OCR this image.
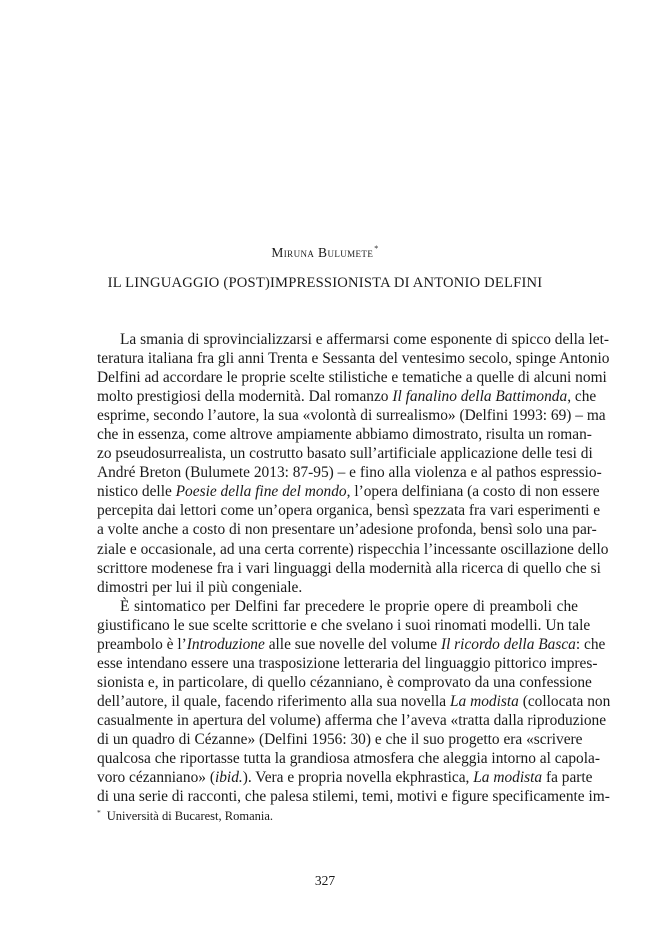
Miruna Bulumete*
IL LINGUAGGIO (POST)IMPRESSIONISTA DI ANTONIO DELFINI
La smania di sprovincializzarsi e affermarsi come esponente di spicco della let-
teratura italiana fra gli anni Trenta e Sessanta del ventesimo secolo, spinge Antonio
Delfini ad accordare le proprie scelte stilistiche e tematiche a quelle di alcuni nomi
molto prestigiosi della modernità. Dal romanzo Il fanalino della Battimonda, che
esprime, secondo l’autore, la sua «volontà di surrealismo» (Delfini 1993: 69) – ma
che in essenza, come altrove ampiamente abbiamo dimostrato, risulta un roman-
zo pseudosurrealista, un costrutto basato sull’artificiale applicazione delle tesi di
André Breton (Bulumete 2013: 87-95) – e fino alla violenza e al pathos espressio-
nistico delle Poesie della fine del mondo, l’opera delfiniana (a costo di non essere
percepita dai lettori come un’opera organica, bensì spezzata fra vari esperimenti e
a volte anche a costo di non presentare un’adesione profonda, bensì solo una par-
ziale e occasionale, ad una certa corrente) rispecchia l’incessante oscillazione dello
scrittore modenese fra i vari linguaggi della modernità alla ricerca di quello che si
dimostri per lui il più congeniale.
È sintomatico per Delfini far precedere le proprie opere di preamboli che
giustificano le sue scelte scrittorie e che svelano i suoi rinomati modelli. Un tale
preambolo è l’Introduzione alle sue novelle del volume Il ricordo della Basca: che
esse intendano essere una trasposizione letteraria del linguaggio pittorico impres-
sionista e, in particolare, di quello cézanniano, è comprovato da una confessione
dell’autore, il quale, facendo riferimento alla sua novella La modista (collocata non
casualmente in apertura del volume) afferma che l’aveva «tratta dalla riproduzione
di un quadro di Cézanne» (Delfini 1956: 30) e che il suo progetto era «scrivere
qualcosa che riportasse tutta la grandiosa atmosfera che aleggia intorno al capola-
voro cézanniano» (ibid.). Vera e propria novella ekphrastica, La modista fa parte
di una serie di racconti, che palesa stilemi, temi, motivi e figure specificamente im-
* Università di Bucarest, Romania.
327
